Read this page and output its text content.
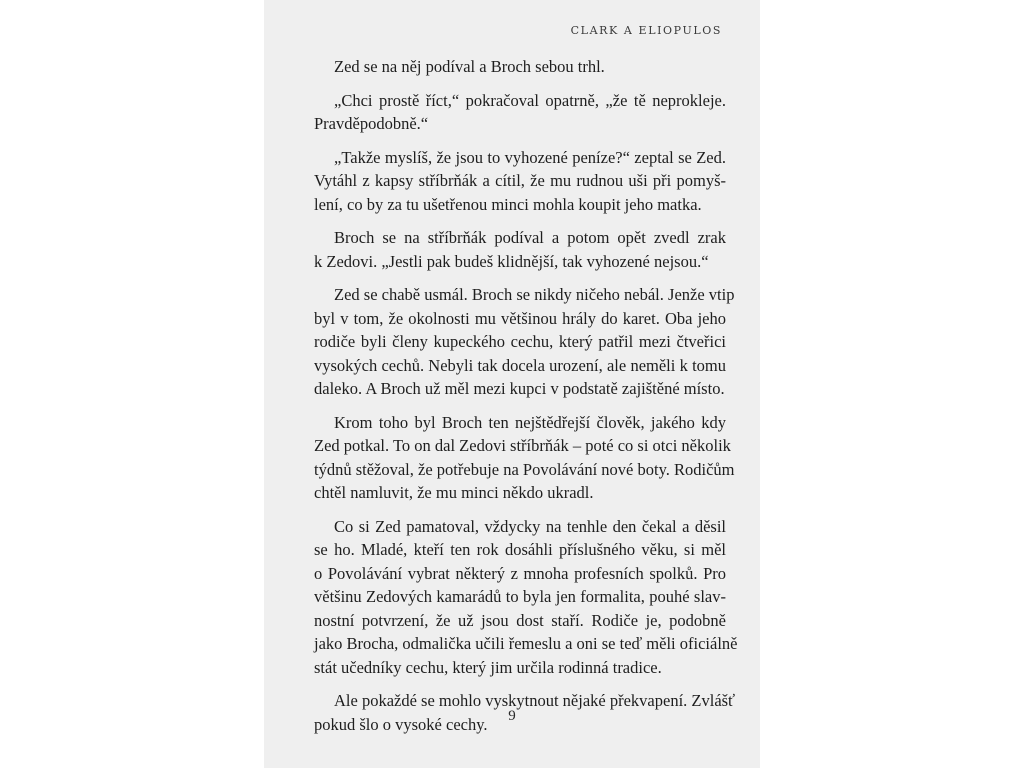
CLARK A ELIOPULOS
Zed se na něj podíval a Broch sebou trhl.
„Chci prostě říct,“ pokračoval opatrně, „že tě neprokleje.
Pravděpodobně.“
„Takže myslíš, že jsou to vyhozené peníze?“ zeptal se Zed.
Vytáhl z kapsy stříbrňák a cítil, že mu rudnou uši při pomyš-
lení, co by za tu ušetřenou minci mohla koupit jeho matka.
Broch se na stříbrňák podíval a potom opět zvedl zrak
k Zedovi. „Jestli pak budeš klidnější, tak vyhozené nejsou.“
Zed se chabě usmál. Broch se nikdy ničeho nebál. Jenže vtip
byl v tom, že okolnosti mu většinou hrály do karet. Oba jeho
rodiče byli členy kupeckého cechu, který patřil mezi čtveřici
vysokých cechů. Nebyli tak docela urození, ale neměli k tomu
daleko. A Broch už měl mezi kupci v podstatě zajištěné místo.
Krom toho byl Broch ten nejštědřejší člověk, jakého kdy
Zed potkal. To on dal Zedovi stříbrňák – poté co si otci několik
týdnů stěžoval, že potřebuje na Povolávání nové boty. Rodičům
chtěl namluvit, že mu minci někdo ukradl.
Co si Zed pamatoval, vždycky na tenhle den čekal a děsil
se ho. Mladé, kteří ten rok dosáhli příslušného věku, si měl
o Povolávání vybrat některý z mnoha profesních spolků. Pro
většinu Zedových kamarádů to byla jen formalita, pouhé slav-
nostní potvrzení, že už jsou dost staří. Rodiče je, podobně
jako Brocha, odmalička učili řemeslu a oni se teď měli oficiálně
stát učedníky cechu, který jim určila rodinná tradice.
Ale pokaždé se mohlo vyskytnout nějaké překvapení. Zvlášť
pokud šlo o vysoké cechy.	9
